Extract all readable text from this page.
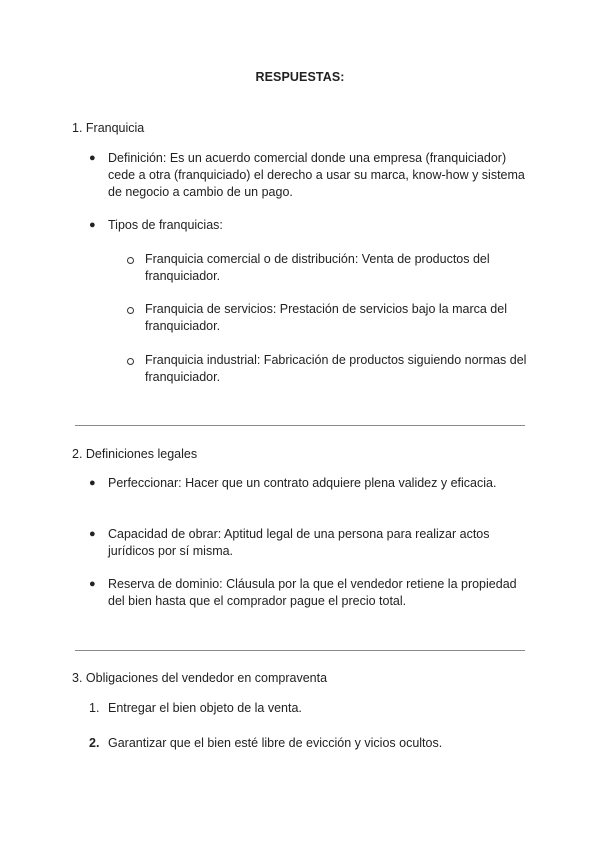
RESPUESTAS:
1. Franquicia
● Definición: Es un acuerdo comercial donde una empresa (franquiciador) cede a otra (franquiciado) el derecho a usar su marca, know-how y sistema de negocio a cambio de un pago.
● Tipos de franquicias:
Franquicia comercial o de distribución: Venta de productos del franquiciador.
Franquicia de servicios: Prestación de servicios bajo la marca del franquiciador.
Franquicia industrial: Fabricación de productos siguiendo normas del franquiciador.
2. Definiciones legales
● Perfeccionar: Hacer que un contrato adquiere plena validez y eficacia.
● Capacidad de obrar: Aptitud legal de una persona para realizar actos jurídicos por sí misma.
● Reserva de dominio: Cláusula por la que el vendedor retiene la propiedad del bien hasta que el comprador pague el precio total.
3. Obligaciones del vendedor en compraventa
1. Entregar el bien objeto de la venta.
2. Garantizar que el bien esté libre de evicción y vicios ocultos.
